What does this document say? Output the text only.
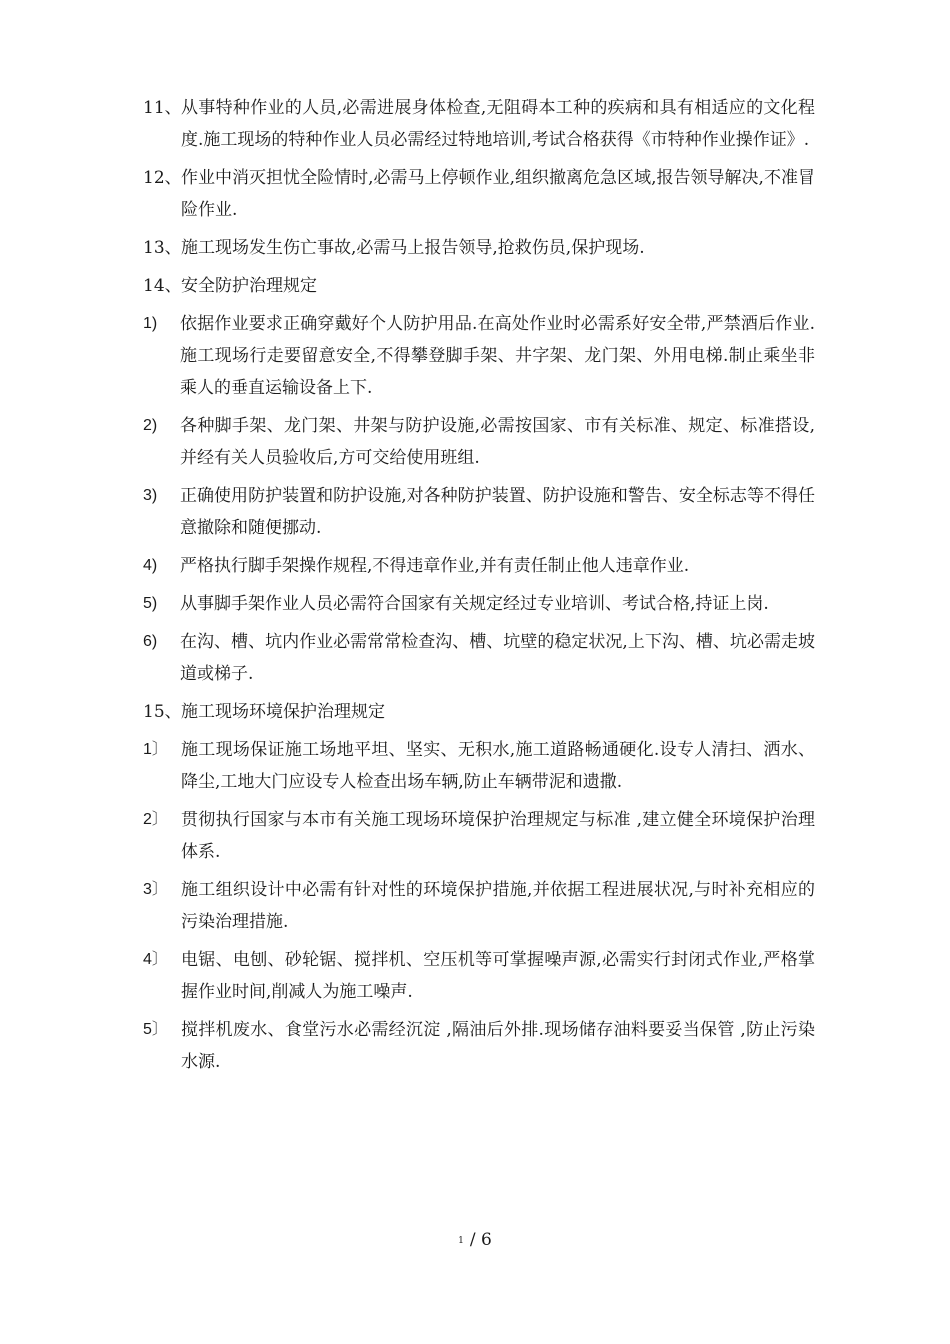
11、 从事特种作业的人员,必需进展身体检查,无阻碍本工种的疾病和具有相适应的文化程度.施工现场的特种作业人员必需经过特地培训,考试合格获得《市特种作业操作证》.
12、 作业中消灭担忧全险情时,必需马上停顿作业,组织撤离危急区域,报告领导解决,不准冒险作业.
13、 施工现场发生伤亡事故,必需马上报告领导,抢救伤员,保护现场.
14、 安全防护治理规定
1)	依据作业要求正确穿戴好个人防护用品.在高处作业时必需系好安全带,严禁酒后作业.施工现场行走要留意安全,不得攀登脚手架、井字架、龙门架、外用电梯.制止乘坐非乘人的垂直运输设备上下.
2)	各种脚手架、龙门架、井架与防护设施,必需按国家、市有关标准、规定、标准搭设,并经有关人员验收后,方可交给使用班组.
3)	正确使用防护装置和防护设施,对各种防护装置、防护设施和警告、安全标志等不得任意撤除和随便挪动.
4)	严格执行脚手架操作规程,不得违章作业,并有责任制止他人违章作业.
5)	从事脚手架作业人员必需符合国家有关规定经过专业培训、考试合格,持证上岗.
6)	在沟、槽、坑内作业必需常常检查沟、槽、坑壁的稳定状况,上下沟、槽、坑必需走坡道或梯子.
15、 施工现场环境保护治理规定
1〕 施工现场保证施工场地平坦、坚实、无积水,施工道路畅通硬化.设专人清扫、洒水、降尘,工地大门应设专人检查出场车辆,防止车辆带泥和遗撒.
2〕 贯彻执行国家与本市有关施工现场环境保护治理规定与标准 ,建立健全环境保护治理体系.
3〕 施工组织设计中必需有针对性的环境保护措施,并依据工程进展状况,与时补充相应的污染治理措施.
4〕 电锯、电刨、砂轮锯、搅拌机、空压机等可掌握噪声源,必需实行封闭式作业,严格掌握作业时间,削减人为施工噪声.
5〕 搅拌机废水、食堂污水必需经沉淀 ,隔油后外排.现场储存油料要妥当保管 ,防止污染水源.
1 / 6
